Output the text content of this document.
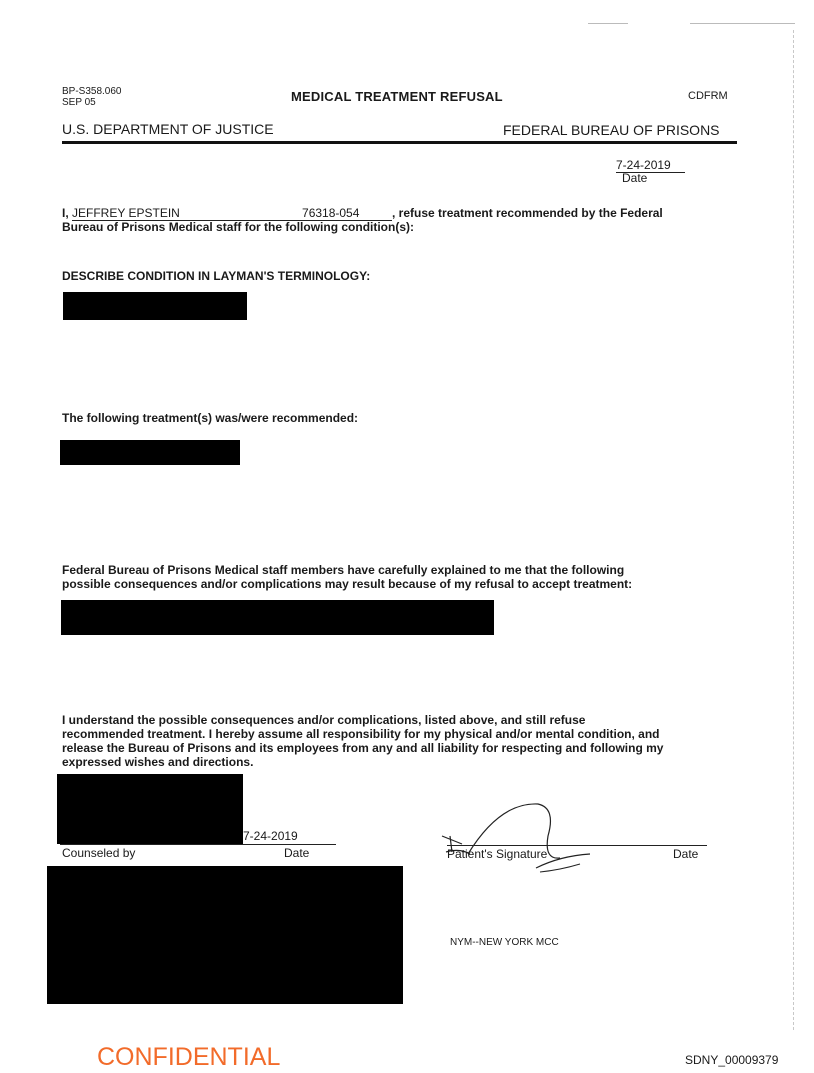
BP-S358.060
SEP 05	MEDICAL TREATMENT REFUSAL	CDFRM
U.S. DEPARTMENT OF JUSTICE	FEDERAL BUREAU OF PRISONS
7-24-2019
Date
I, JEFFREY EPSTEIN	76318-054	, refuse treatment recommended by the Federal
Bureau of Prisons Medical staff for the following condition(s):
DESCRIBE CONDITION IN LAYMAN'S TERMINOLOGY:
The following treatment(s) was/were recommended:
Federal Bureau of Prisons Medical staff members have carefully explained to me that the following
possible consequences and/or complications may result because of my refusal to accept treatment:
I understand the possible consequences and/or complications, listed above, and still refuse
recommended treatment. I hereby assume all responsibility for my physical and/or mental condition, and
release the Bureau of Prisons and its employees from any and all liability for respecting and following my
expressed wishes and directions.
7-24-2019
Counseled by	Date	Patient's Signature	Date
NYM--NEW YORK MCC
CONFIDENTIAL	SDNY_00009379
